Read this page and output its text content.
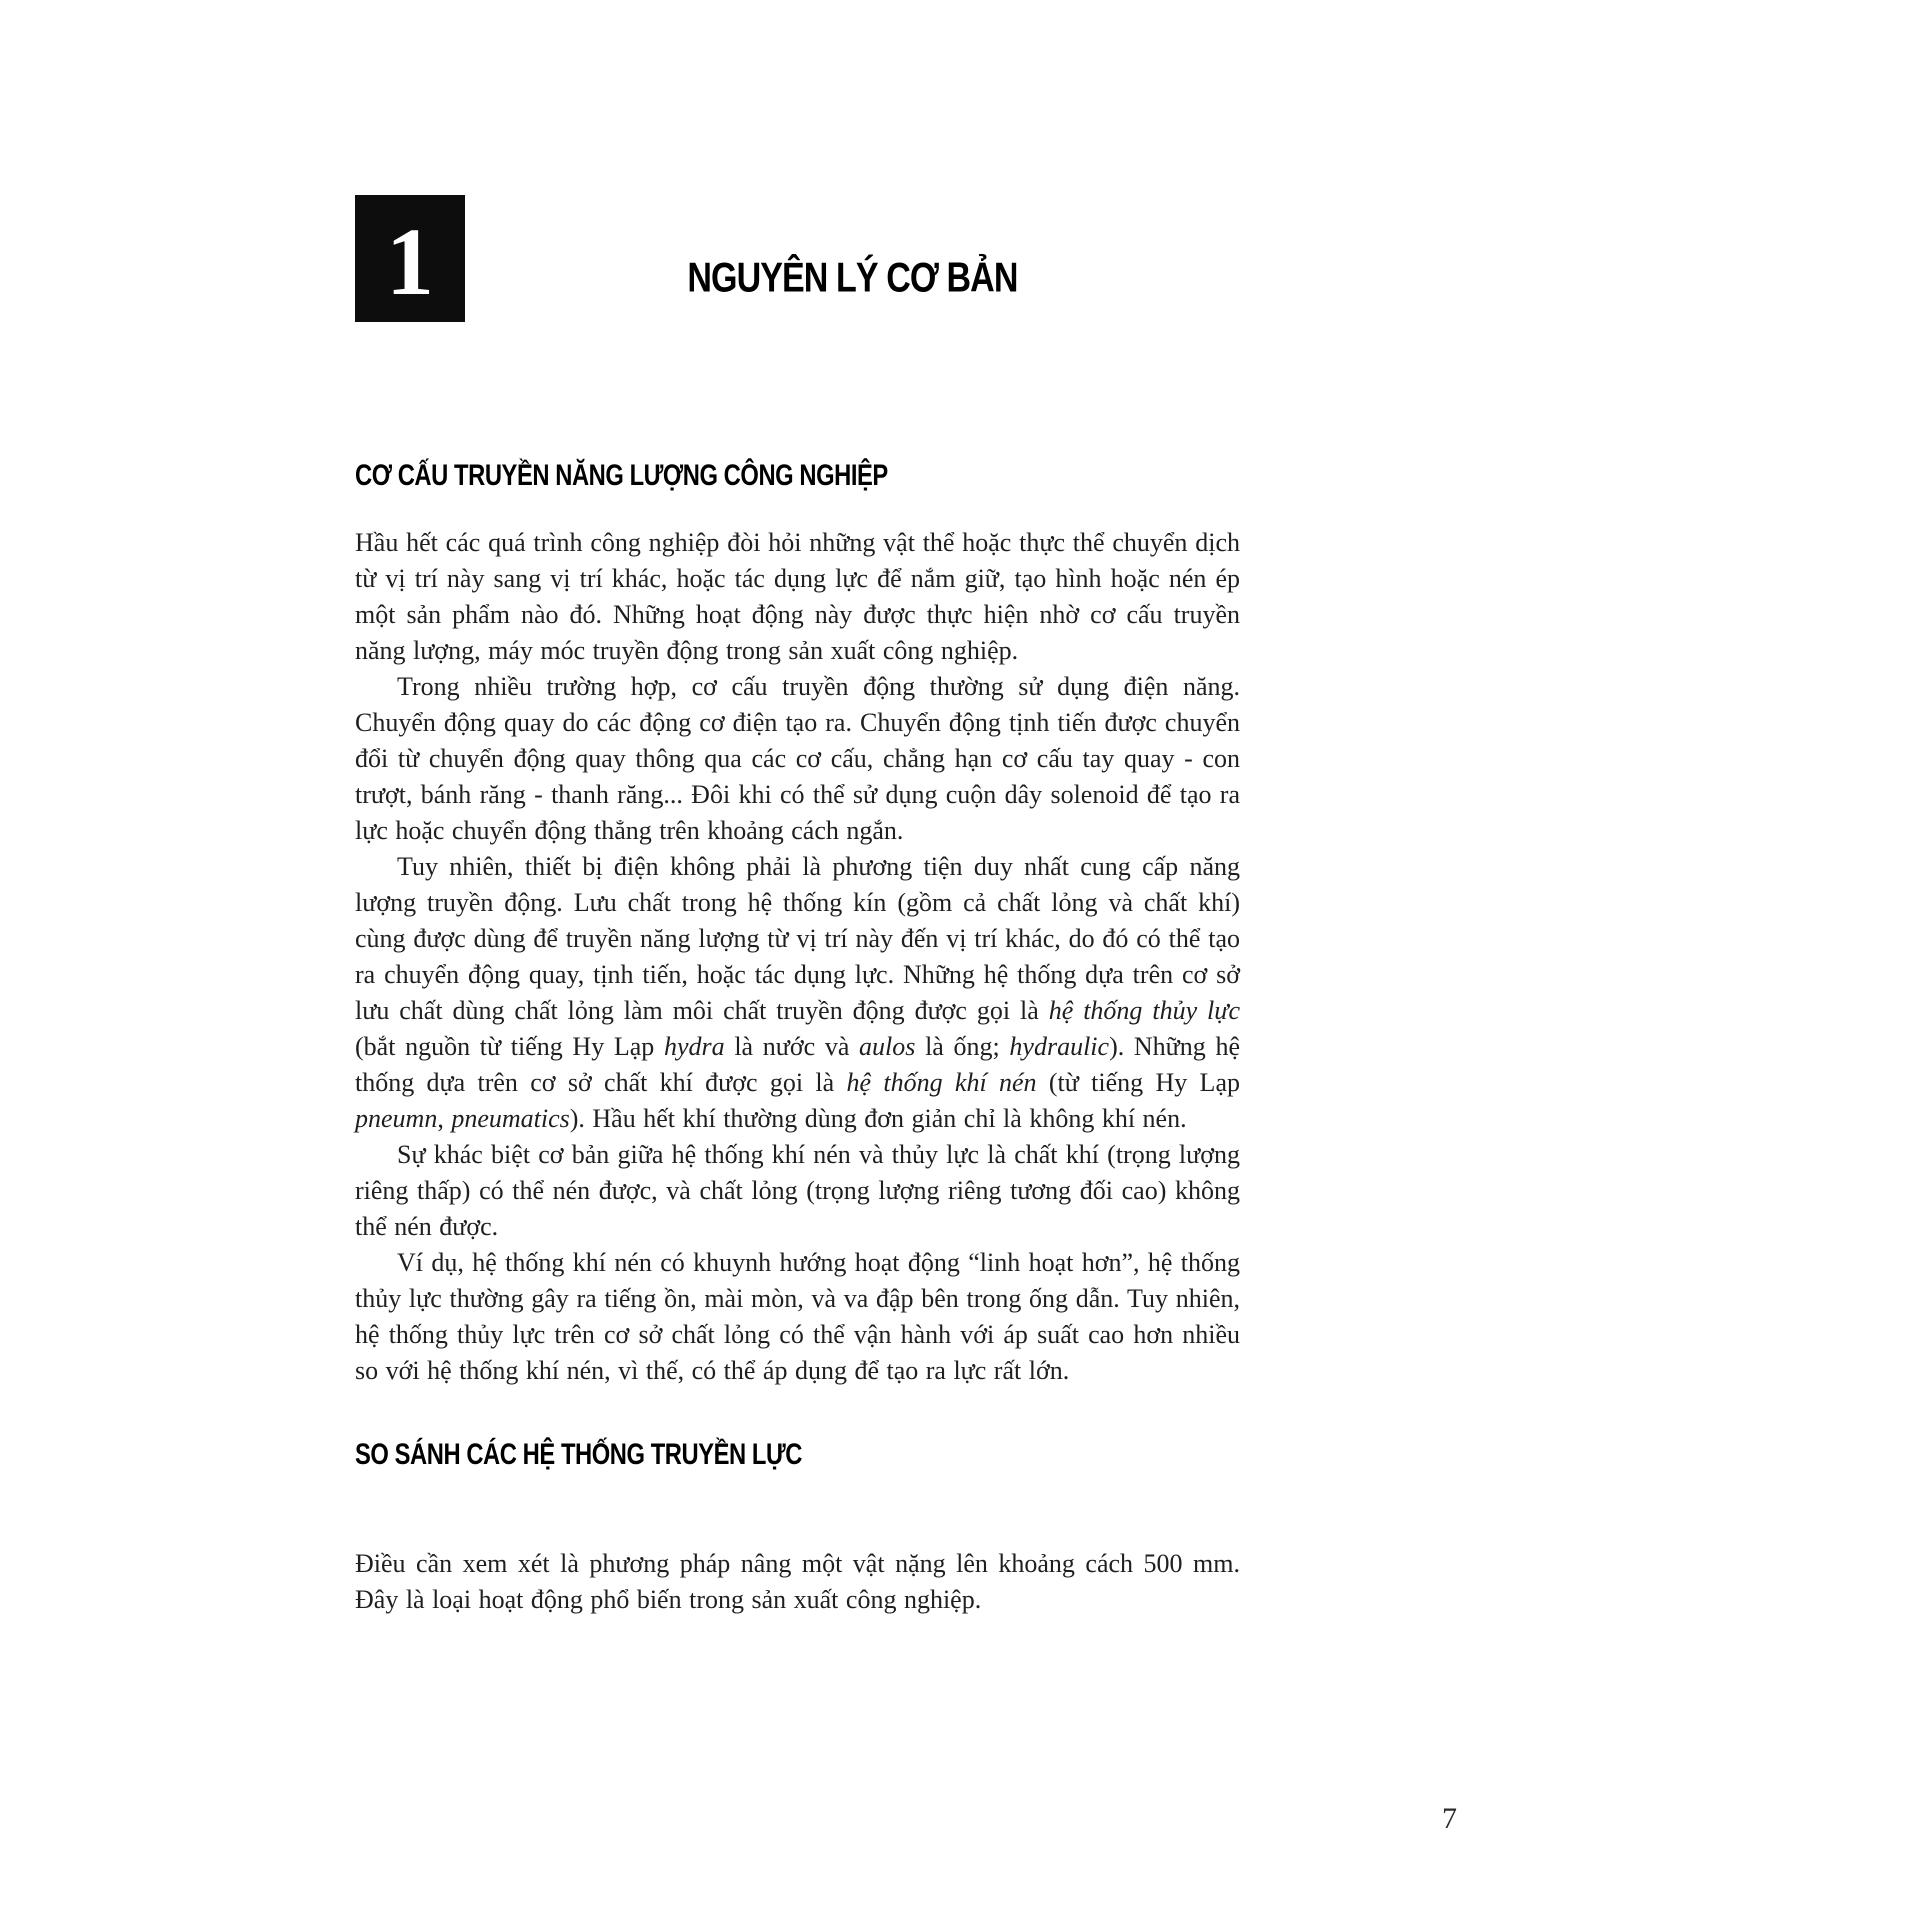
1	NGUYÊN LÝ CƠ BẢN
CƠ CẤU TRUYỀN NĂNG LƯỢNG CÔNG NGHIỆP

Hầu hết các quá trình công nghiệp đòi hỏi những vật thể hoặc thực thể chuyển dịch từ vị trí này sang vị trí khác, hoặc tác dụng lực để nắm giữ, tạo hình hoặc nén ép một sản phẩm nào đó. Những hoạt động này được thực hiện nhờ cơ cấu truyền năng lượng, máy móc truyền động trong sản xuất công nghiệp.

Trong nhiều trường hợp, cơ cấu truyền động thường sử dụng điện năng. Chuyển động quay do các động cơ điện tạo ra. Chuyển động tịnh tiến được chuyển đổi từ chuyển động quay thông qua các cơ cấu, chẳng hạn cơ cấu tay quay - con trượt, bánh răng - thanh răng... Đôi khi có thể sử dụng cuộn dây solenoid để tạo ra lực hoặc chuyển động thẳng trên khoảng cách ngắn.

Tuy nhiên, thiết bị điện không phải là phương tiện duy nhất cung cấp năng lượng truyền động. Lưu chất trong hệ thống kín (gồm cả chất lỏng và chất khí) cùng được dùng để truyền năng lượng từ vị trí này đến vị trí khác, do đó có thể tạo ra chuyển động quay, tịnh tiến, hoặc tác dụng lực. Những hệ thống dựa trên cơ sở lưu chất dùng chất lỏng làm môi chất truyền động được gọi là hệ thống thủy lực (bắt nguồn từ tiếng Hy Lạp hydra là nước và aulos là ống; hydraulic). Những hệ thống dựa trên cơ sở chất khí được gọi là hệ thống khí nén (từ tiếng Hy Lạp pneumn, pneumatics). Hầu hết khí thường dùng đơn giản chỉ là không khí nén.

Sự khác biệt cơ bản giữa hệ thống khí nén và thủy lực là chất khí (trọng lượng riêng thấp) có thể nén được, và chất lỏng (trọng lượng riêng tương đối cao) không thể nén được.

Ví dụ, hệ thống khí nén có khuynh hướng hoạt động “linh hoạt hơn”, hệ thống thủy lực thường gây ra tiếng ồn, mài mòn, và va đập bên trong ống dẫn. Tuy nhiên, hệ thống thủy lực trên cơ sở chất lỏng có thể vận hành với áp suất cao hơn nhiều so với hệ thống khí nén, vì thế, có thể áp dụng để tạo ra lực rất lớn.

SO SÁNH CÁC HỆ THỐNG TRUYỀN LỰC

Điều cần xem xét là phương pháp nâng một vật nặng lên khoảng cách 500 mm. Đây là loại hoạt động phổ biến trong sản xuất công nghiệp.

7
